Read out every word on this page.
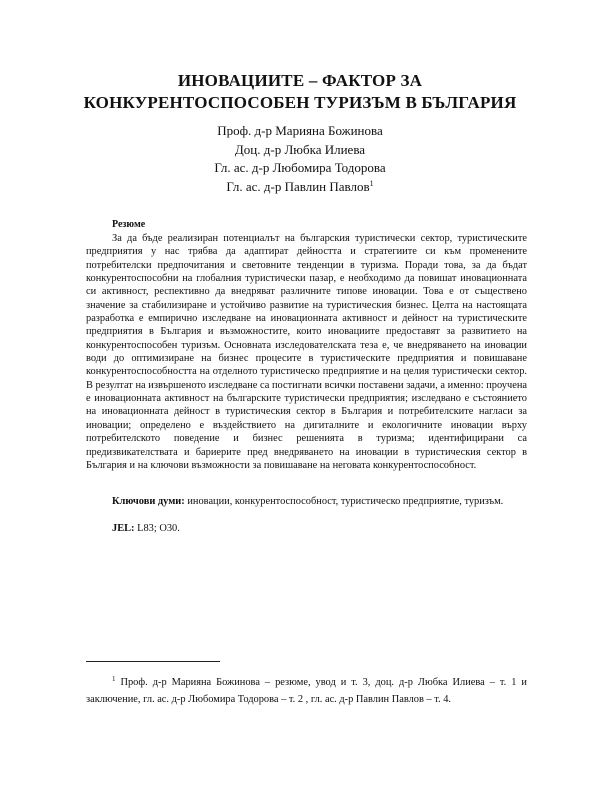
ИНОВАЦИИТЕ – ФАКТОР ЗА
КОНКУРЕНТОСПОСОБЕН ТУРИЗЪМ В БЪЛГАРИЯ
Проф. д-р Марияна Божинова
Доц. д-р Любка Илиева
Гл. ас. д-р Любомира Тодорова
Гл. ас. д-р Павлин Павлов$^1$
Резюме

За да бъде реализиран потенциалът на българския туристически сектор, туристическите предприятия у нас трябва да адаптират дейността и стратегиите си към променените потребителски предпочитания и световните тенденции в туризма. Поради това, за да бъдат конкурентоспособни на глобалния туристически пазар, е необходимо да повишат иновационната си активност, респективно да внедряват различните типове иновации. Това е от съществено значение за стабилизиране и устойчиво развитие на туристическия бизнес. Целта на настоящата разработка е емпирично изследване на иновационната активност и дейност на туристическите предприятия в България и възможностите, които иновациите предоставят за развитието на конкурентоспособен туризъм. Основната изследователската теза е, че внедряването на иновации води до оптимизиране на бизнес процесите в туристическите предприятия и повишаване конкурентоспособността на отделното туристическо предприятие и на целия туристически сектор. В резултат на извършеното изследване са постигнати всички поставени задачи, а именно: проучена е иновационната активност на българските туристически предприятия; изследвано е състоянието на иновационната дейност в туристическия сектор в България и потребителските нагласи за иновации; определено е въздействието на дигиталните и екологичните иновации върху потребителското поведение и бизнес решенията в туризма; идентифицирани са предизвикателствата и бариерите пред внедряването на иновации в туристическия сектор в България и на ключови възможности за повишаване на неговата конкурентоспособност.

Ключови думи: иновации, конкурентоспособност, туристическо предприятие, туризъм.

JEL: L83; O30.

$^1$ Проф. д-р Марияна Божинова – резюме, увод и т. 3, доц. д-р Любка Илиева – т. 1 и заключение, гл. ас. д-р Любомира Тодорова – т. 2 , гл. ас. д-р Павлин Павлов – т. 4.
